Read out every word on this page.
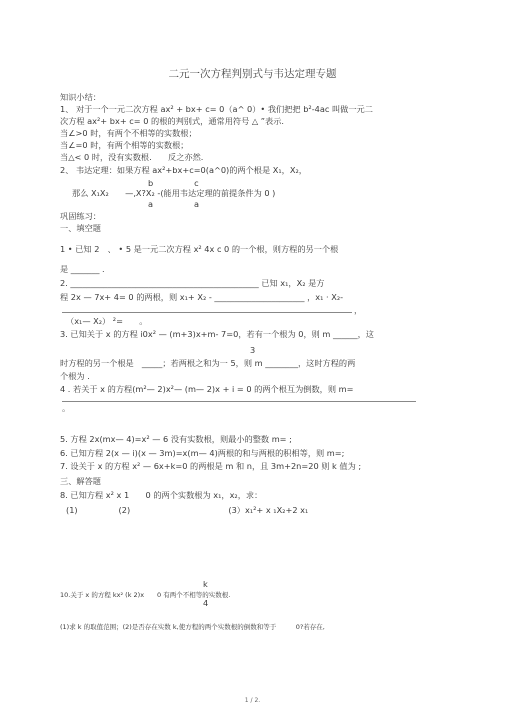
二元一次方程判别式与韦达定理专题
知识小结：
1、 对于一个一元二次方程 ax² + bx+ c= 0（a^ 0）• 我们把把 b²-4ac 叫做一元二
次方程 ax²+ bx+ c= 0 的根的判别式，通常用符号 △ ”表示.
当∠>0 时，有两个不相等的实数根；
当∠=0 时，有两个相等的实数根；
当△< 0 时，没有实数根.　　反之亦然.
2、 韦达定理：如果方程 ax²+bx+c=0(a^0)的两个根是 X₁，X₂，
b　　　　　c
那么 X₁X₂　　—,X?X₂ -(能用韦达定理的前提条件为 0 )
a　　　　　a
巩固练习：
一、填空题
1 • 已知 2　、 • 5 是一元二次方程 x² 4x c 0 的一个根，则方程的另一个根
是 _______ .
2. ______________________________________________ 已知 x₁，X₂ 是方
程 2x — 7x+ 4= 0 的两根，则 x₁+ X₂ - ______________________ ，x₁ · X₂-
，
（x₁— X₂） ²=　　。
3. 已知关于 x 的方程 i0x² — (m+3)x+m- 7=0，若有一个根为 0，则 m ______，这
3
时方程的另一个根是　_____；若两根之和为一 5，则 m ________，这时方程的两
个根为 .
4 . 若关于 x 的方程(m²— 2)x²— (m— 2)x + i = 0 的两个根互为倒数，则 m=
。
5. 方程 2x(mx— 4)=x² — 6 没有实数根，则最小的整数 m= ;
6. 已知方程 2(x — i)(x — 3m)=x(m— 4)两根的和与两根的积相等，则 m=;
7. 设关于 x 的方程 x² — 6x+k=0 的两根是 m 和 n，且 3m+2n=20 则 k 值为 ;
三、解答题
8. 已知方程 x² x 1　　0 的两个实数根为 x₁，x₂，求：
(1)　　　　　(2)　　　　　　　　　　　　(3）x₁²+ x ₁X₂+2 x₁
k
10.关于 x 的方程 kx² (k 2)x　　0 有两个不相等的实数根.
4
(1)求 k 的取值范围；(2)是否存在实数 k,使方程的两个实数根的倒数和等于　　　0?若存在,
1 / 2.
